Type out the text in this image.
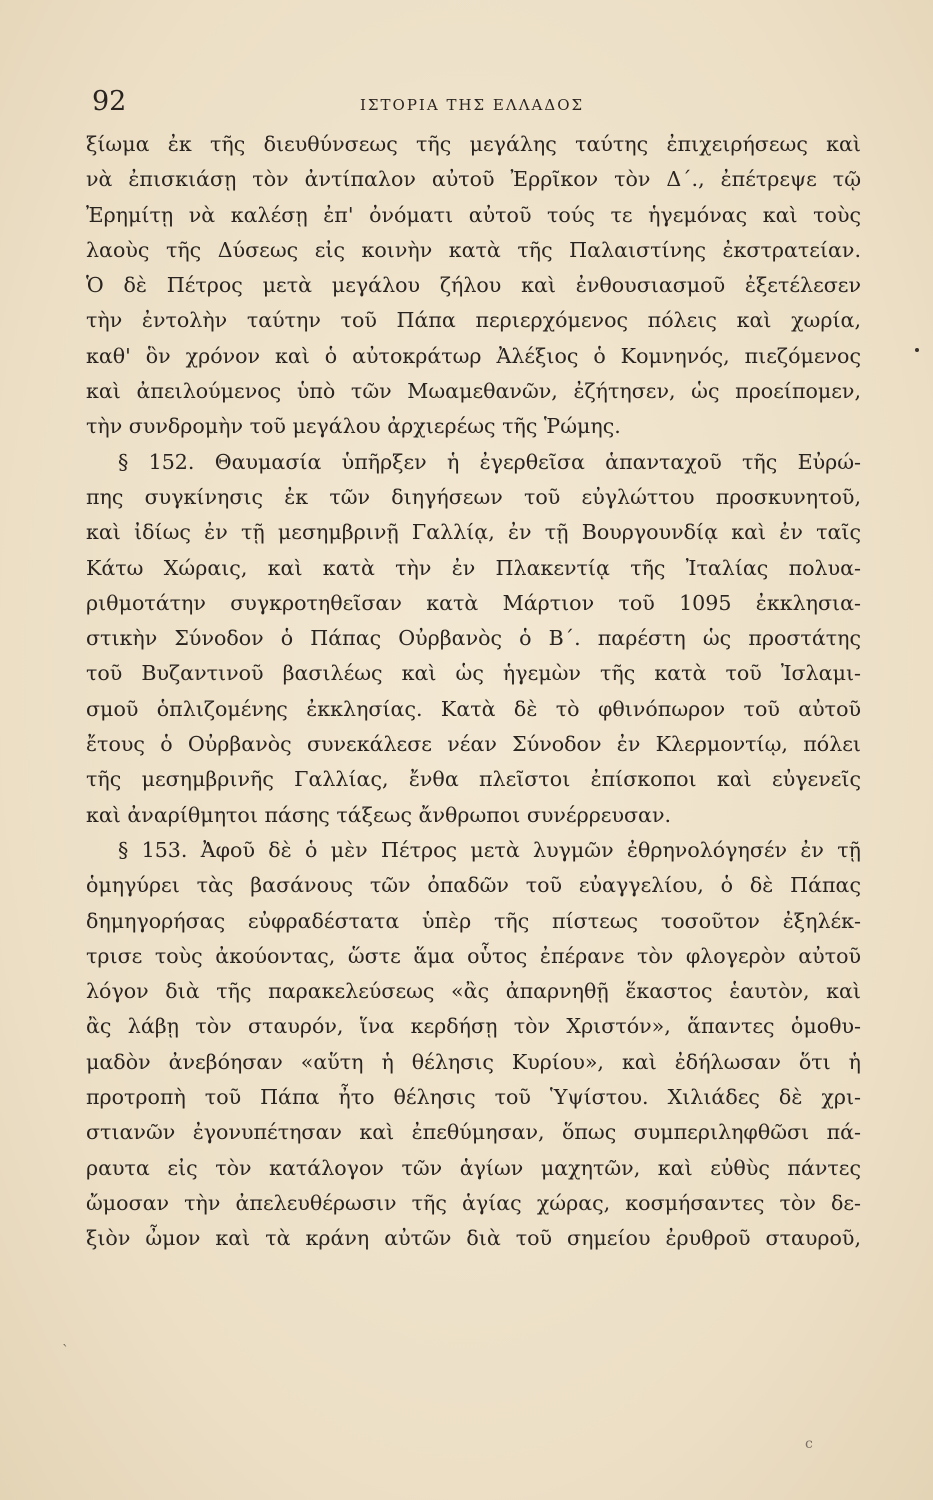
92	ΙΣΤΟΡΙΑ ΤΗΣ ΕΛΛΑΔΟΣ
ξίωμα ἐκ τῆς διευθύνσεως τῆς μεγάλης ταύτης ἐπιχειρήσεως καὶ
νὰ ἐπισκιάσῃ τὸν ἀντίπαλον αὐτοῦ Ἐρρῖκον τὸν Δ΄., ἐπέτρεψε τῷ
Ἐρημίτῃ νὰ καλέσῃ ἐπ' ὀνόματι αὐτοῦ τούς τε ἡγεμόνας καὶ τοὺς
λαοὺς τῆς Δύσεως εἰς κοινὴν κατὰ τῆς Παλαιστίνης ἐκστρατείαν.
Ὁ δὲ Πέτρος μετὰ μεγάλου ζήλου καὶ ἐνθουσιασμοῦ ἐξετέλεσεν
τὴν ἐντολὴν ταύτην τοῦ Πάπα περιερχόμενος πόλεις καὶ χωρία,
καθ' ὃν χρόνον καὶ ὁ αὐτοκράτωρ Ἀλέξιος ὁ Κομνηνός, πιεζόμενος
καὶ ἀπειλούμενος ὑπὸ τῶν Μωαμεθανῶν, ἐζήτησεν, ὡς προείπομεν,
τὴν συνδρομὴν τοῦ μεγάλου ἀρχιερέως τῆς Ῥώμης.
§ 152. Θαυμασία ὑπῆρξεν ἡ ἐγερθεῖσα ἁπανταχοῦ τῆς Εὐρώ-
πης συγκίνησις ἐκ τῶν διηγήσεων τοῦ εὐγλώττου προσκυνητοῦ,
καὶ ἰδίως ἐν τῇ μεσημβρινῇ Γαλλίᾳ, ἐν τῇ Βουργουνδίᾳ καὶ ἐν ταῖς
Κάτω Χώραις, καὶ κατὰ τὴν ἐν Πλακεντίᾳ τῆς Ἰταλίας πολυα-
ριθμοτάτην συγκροτηθεῖσαν κατὰ Μάρτιον τοῦ 1095 ἐκκλησια-
στικὴν Σύνοδον ὁ Πάπας Οὐρβανὸς ὁ Β΄. παρέστη ὡς προστάτης
τοῦ Βυζαντινοῦ βασιλέως καὶ ὡς ἡγεμὼν τῆς κατὰ τοῦ Ἰσλαμι-
σμοῦ ὁπλιζομένης ἐκκλησίας. Κατὰ δὲ τὸ φθινόπωρον τοῦ αὐτοῦ
ἔτους ὁ Οὐρβανὸς συνεκάλεσε νέαν Σύνοδον ἐν Κλερμοντίῳ, πόλει
τῆς μεσημβρινῆς Γαλλίας, ἔνθα πλεῖστοι ἐπίσκοποι καὶ εὐγενεῖς
καὶ ἀναρίθμητοι πάσης τάξεως ἄνθρωποι συνέρρευσαν.
§ 153. Ἀφοῦ δὲ ὁ μὲν Πέτρος μετὰ λυγμῶν ἐθρηνολόγησέν ἐν τῇ
ὁμηγύρει τὰς βασάνους τῶν ὀπαδῶν τοῦ εὐαγγελίου, ὁ δὲ Πάπας
δημηγορήσας εὐφραδέστατα ὑπὲρ τῆς πίστεως τοσοῦτον ἐξηλέκ-
τρισε τοὺς ἀκούοντας, ὥστε ἅμα οὗτος ἐπέρανε τὸν φλογερὸν αὐτοῦ
λόγον διὰ τῆς παρακελεύσεως «ἂς ἀπαρνηθῇ ἕκαστος ἑαυτὸν, καὶ
ἂς λάβῃ τὸν σταυρόν, ἵνα κερδήσῃ τὸν Χριστόν», ἅπαντες ὁμοθυ-
μαδὸν ἀνεβόησαν «αὕτη ἡ θέλησις Κυρίου», καὶ ἐδήλωσαν ὅτι ἡ
προτροπὴ τοῦ Πάπα ἦτο θέλησις τοῦ Ὑψίστου. Χιλιάδες δὲ χρι-
στιανῶν ἐγονυπέτησαν καὶ ἐπεθύμησαν, ὅπως συμπεριληφθῶσι πά-
ραυτα εἰς τὸν κατάλογον τῶν ἁγίων μαχητῶν, καὶ εὐθὺς πάντες
ὤμοσαν τὴν ἀπελευθέρωσιν τῆς ἁγίας χώρας, κοσμήσαντες τὸν δε-
ξιὸν ὦμον καὶ τὰ κράνη αὐτῶν διὰ τοῦ σημείου ἐρυθροῦ σταυροῦ,
ˋ
c
